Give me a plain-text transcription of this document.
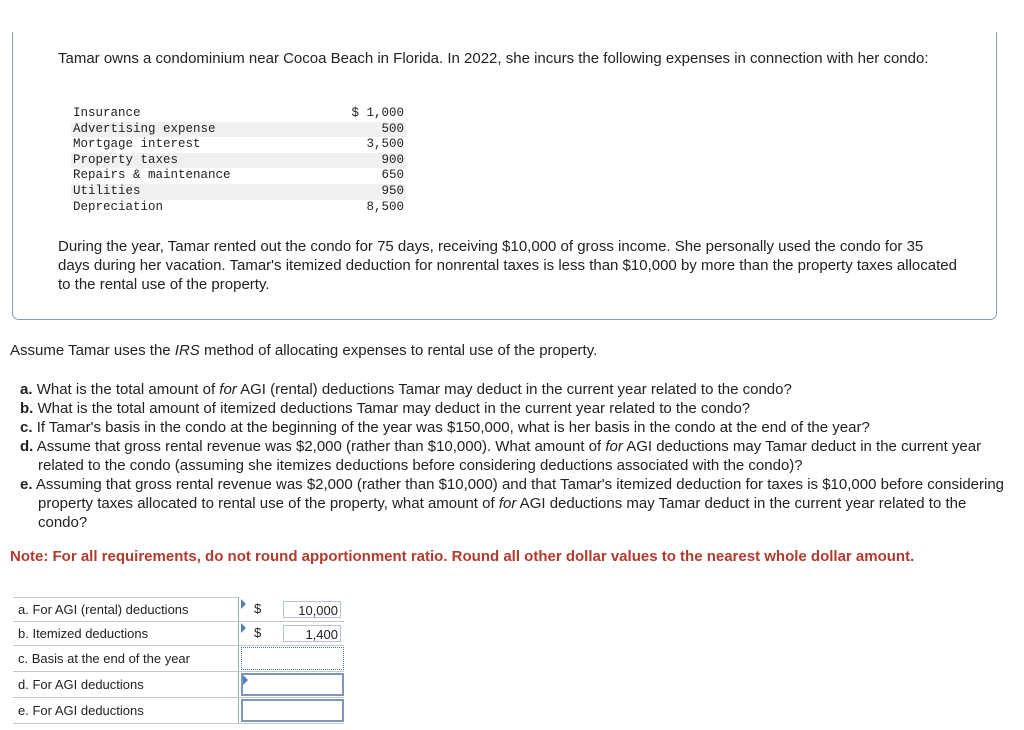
Tamar owns a condominium near Cocoa Beach in Florida. In 2022, she incurs the following expenses in connection with her condo:
Insurance	$ 1,000
Advertising expense	500
Mortgage interest	3,500
Property taxes	900
Repairs & maintenance	650
Utilities	950
Depreciation	8,500
During the year, Tamar rented out the condo for 75 days, receiving $10,000 of gross income. She personally used the condo for 35 days during her vacation. Tamar's itemized deduction for nonrental taxes is less than $10,000 by more than the property taxes allocated to the rental use of the property.
Assume Tamar uses the IRS method of allocating expenses to rental use of the property.
a. What is the total amount of for AGI (rental) deductions Tamar may deduct in the current year related to the condo?
b. What is the total amount of itemized deductions Tamar may deduct in the current year related to the condo?
c. If Tamar's basis in the condo at the beginning of the year was $150,000, what is her basis in the condo at the end of the year?
d. Assume that gross rental revenue was $2,000 (rather than $10,000). What amount of for AGI deductions may Tamar deduct in the current year related to the condo (assuming she itemizes deductions before considering deductions associated with the condo)?
e. Assuming that gross rental revenue was $2,000 (rather than $10,000) and that Tamar's itemized deduction for taxes is $10,000 before considering property taxes allocated to rental use of the property, what amount of for AGI deductions may Tamar deduct in the current year related to the condo?
Note: For all requirements, do not round apportionment ratio. Round all other dollar values to the nearest whole dollar amount.
a. For AGI (rental) deductions	$ 10,000

b. Itemized deductions	$ 1,400

c. Basis at the end of the year	

d. For AGI deductions	

e. For AGI deductions	
